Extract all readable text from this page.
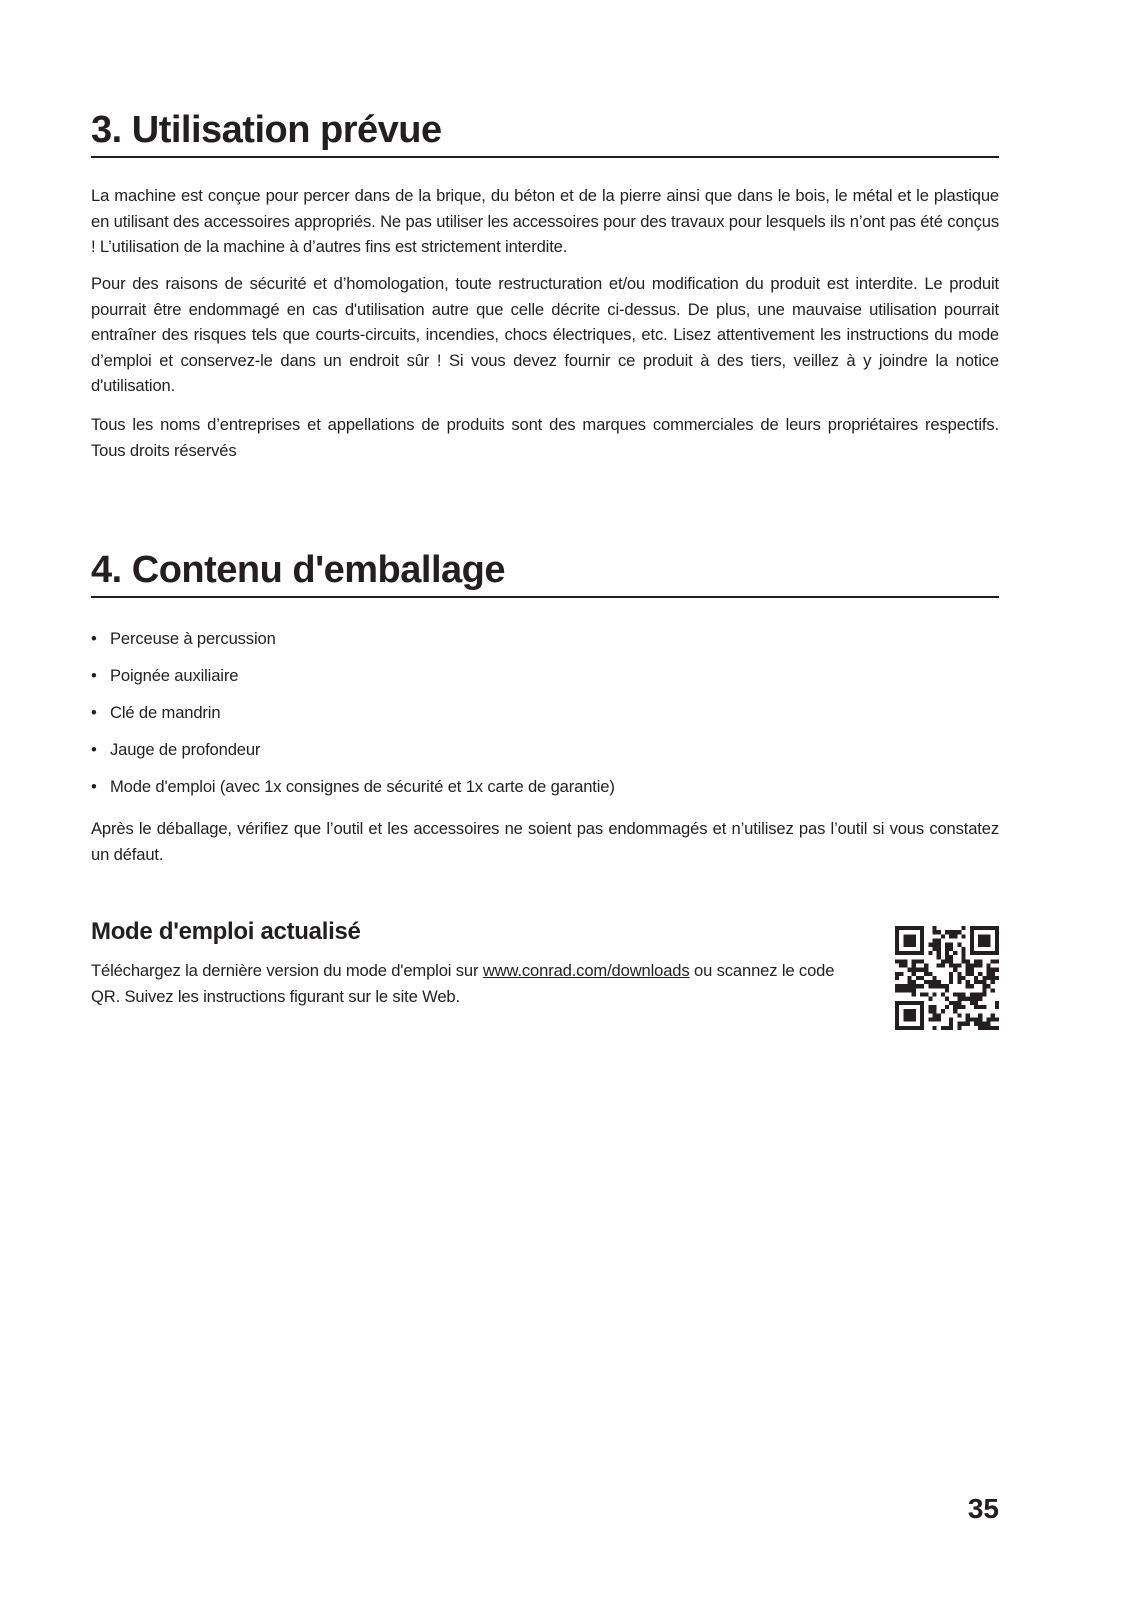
3. Utilisation prévue

La machine est conçue pour percer dans de la brique, du béton et de la pierre ainsi que dans le bois, le métal et le plastique en utilisant des accessoires appropriés. Ne pas utiliser les accessoires pour des travaux pour lesquels ils n’ont pas été conçus ! L’utilisation de la machine à d’autres fins est strictement interdite.

Pour des raisons de sécurité et d’homologation, toute restructuration et/ou modification du produit est interdite. Le produit pourrait être endommagé en cas d'utilisation autre que celle décrite ci-dessus. De plus, une mauvaise utilisation pourrait entraîner des risques tels que courts-circuits, incendies, chocs électriques, etc. Lisez attentivement les instructions du mode d’emploi et conservez-le dans un endroit sûr ! Si vous devez fournir ce produit à des tiers, veillez à y joindre la notice d'utilisation.

Tous les noms d’entreprises et appellations de produits sont des marques commerciales de leurs propriétaires respectifs. Tous droits réservés

4. Contenu d'emballage
• Perceuse à percussion
• Poignée auxiliaire
• Clé de mandrin
• Jauge de profondeur
• Mode d'emploi (avec 1x consignes de sécurité et 1x carte de garantie)

Après le déballage, vérifiez que l’outil et les accessoires ne soient pas endommagés et n’utilisez pas l’outil si vous constatez un défaut.

Mode d'emploi actualisé

Téléchargez la dernière version du mode d'emploi sur www.conrad.com/downloads ou scannez le code QR. Suivez les instructions figurant sur le site Web.

35
